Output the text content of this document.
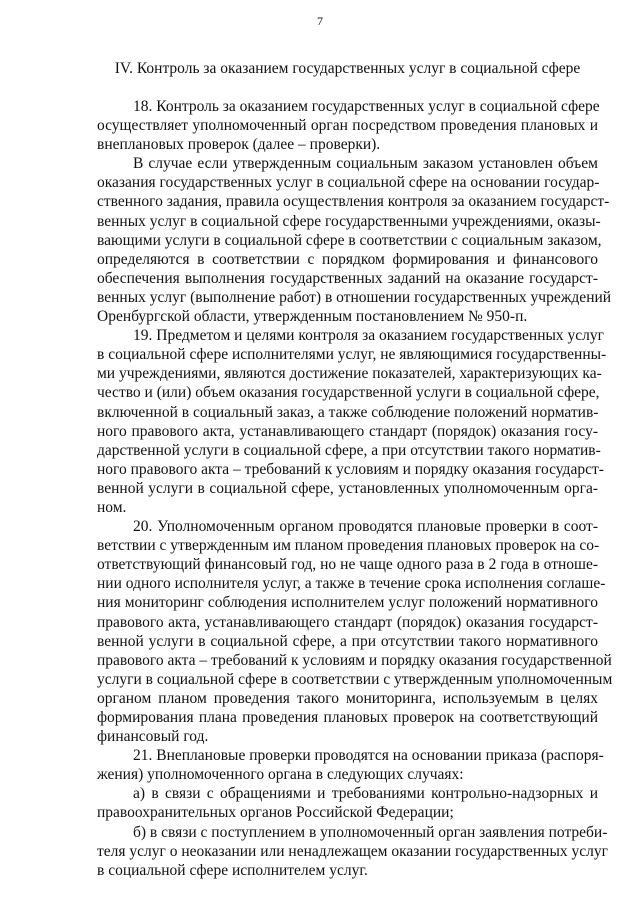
7
IV. Контроль за оказанием государственных услуг в социальной сфере
18. Контроль за оказанием государственных услуг в социальной сфере
осуществляет уполномоченный орган посредством проведения плановых и
внеплановых проверок (далее – проверки).
В случае если утвержденным социальным заказом установлен объем
оказания государственных услуг в социальной сфере на основании государ-
ственного задания, правила осуществления контроля за оказанием государст-
венных услуг в социальной сфере государственными учреждениями, оказы-
вающими услуги в социальной сфере в соответствии с социальным заказом,
определяются в соответствии с порядком формирования и финансового
обеспечения выполнения государственных заданий на оказание государст-
венных услуг (выполнение работ) в отношении государственных учреждений
Оренбургской области, утвержденным постановлением № 950-п.
19. Предметом и целями контроля за оказанием государственных услуг
в социальной сфере исполнителями услуг, не являющимися государственны-
ми учреждениями, являются достижение показателей, характеризующих ка-
чество и (или) объем оказания государственной услуги в социальной сфере,
включенной в социальный заказ, а также соблюдение положений норматив-
ного правового акта, устанавливающего стандарт (порядок) оказания госу-
дарственной услуги в социальной сфере, а при отсутствии такого норматив-
ного правового акта – требований к условиям и порядку оказания государст-
венной услуги в социальной сфере, установленных уполномоченным орга-
ном.
20. Уполномоченным органом проводятся плановые проверки в соот-
ветствии с утвержденным им планом проведения плановых проверок на со-
ответствующий финансовый год, но не чаще одного раза в 2 года в отноше-
нии одного исполнителя услуг, а также в течение срока исполнения соглаше-
ния мониторинг соблюдения исполнителем услуг положений нормативного
правового акта, устанавливающего стандарт (порядок) оказания государст-
венной услуги в социальной сфере, а при отсутствии такого нормативного
правового акта – требований к условиям и порядку оказания государственной
услуги в социальной сфере в соответствии с утвержденным уполномоченным
органом планом проведения такого мониторинга, используемым в целях
формирования плана проведения плановых проверок на соответствующий
финансовый год.
21. Внеплановые проверки проводятся на основании приказа (распоря-
жения) уполномоченного органа в следующих случаях:
а) в связи с обращениями и требованиями контрольно-надзорных и
правоохранительных органов Российской Федерации;
б) в связи с поступлением в уполномоченный орган заявления потреби-
теля услуг о неоказании или ненадлежащем оказании государственных услуг
в социальной сфере исполнителем услуг.
